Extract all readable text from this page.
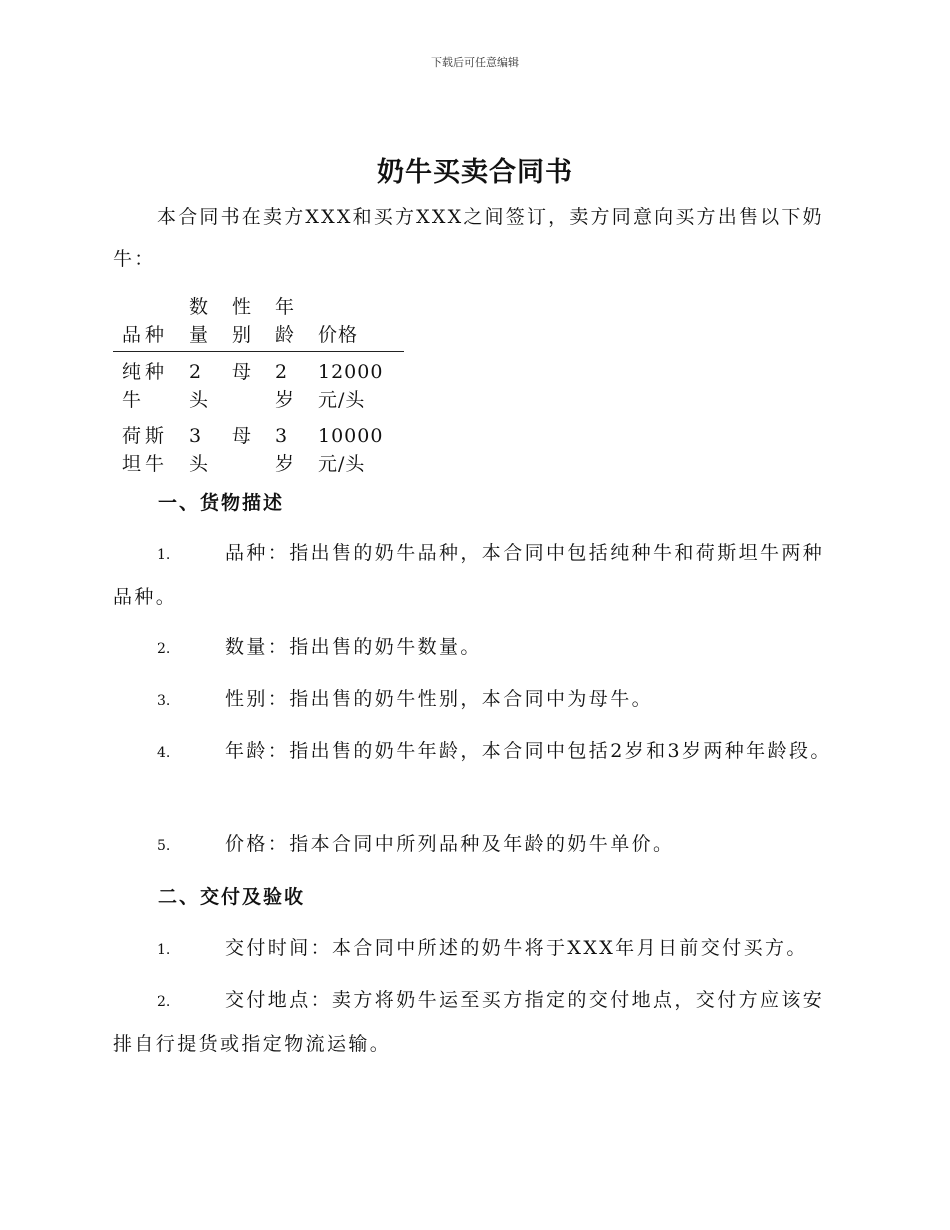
下载后可任意编辑
奶牛买卖合同书

本合同书在卖方XXX和买方XXX之间签订，卖方同意向买方出售以下奶牛：

品种	数量	性别	年龄	价格
纯种牛	2头	母	2岁	12000元/头
荷斯坦牛	3头	母	3岁	10000元/头
一、货物描述

1.	品种：指出售的奶牛品种，本合同中包括纯种牛和荷斯坦牛两种品种。

2.	数量：指出售的奶牛数量。

3.	性别：指出售的奶牛性别，本合同中为母牛。

4.	年龄：指出售的奶牛年龄，本合同中包括2岁和3岁两种年龄段。

5.	价格：指本合同中所列品种及年龄的奶牛单价。

二、交付及验收

1.	交付时间：本合同中所述的奶牛将于XXX年月日前交付买方。

2.	交付地点：卖方将奶牛运至买方指定的交付地点，交付方应该安排自行提货或指定物流运输。
